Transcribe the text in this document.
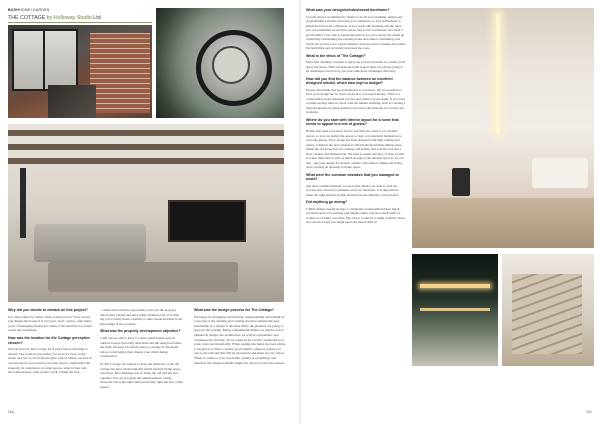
BUSHHOME+GARDEN
THE COTTAGE by Holloway Studio Ltd

Why did you decide to embark on this project?

I've often asked by clients 'what would you do?' 'how would you design this house if it was your own?', and so, after many years of designing houses for clients, I decided that we would create the townhouse.

How was the location for the Cottage perceptive chosen?

We had lived in The Cottage for 8 years before deciding to extend. The location was perfect for us as it's close to my studio and not too far from the girls' school. When you live in a house before you extend you really learn to understand the property, its orientation, its quiet spaces, what is busy and, most importantly, what doesn't work. I think the best...

...clients have had the opportunity to live in the property before they extend and have really understood it. It is then my job to really listen carefully to their needs and their lived knowledge of the property.

What was the property development objective?

I will always aim to have to create warm homes and an outdoor haven, but really directions and the design becomes the brief, because it is much easier to change in the studio before work begins than change your mind during construction.

At The Cottage we wanted to keep the character of the old cottage but have all the benefits which modern living space can bring. The challenge was to bring the old and the new together: how do you keep the quintessential cottage character but at the same time practically right the size of the house?

What was the design process for The Cottage?

We began by designing and drawing, understanding what might be to be true to the existing and creating the most remarkable and sustainable as a design is the most likely the planners are going to approve the scheme. Being a meaningful theme: we much room is planned in design, the architecture we will be sympathetic and contemporary and that can be achieved by careful consideration of scale, form and materiality. When starting the build, the best advice I can give is to find a careful, good builder, someone whom you can work with and that will be passionate and share in your vision. When it comes to your own home, quality is everything, and therefore the cheapest builder might not always be the best answer.

118

What was your design/refurbishment timeframe?

I would always recommend to clients to do all your planning, design and programming 6 month out before you commence, to stay in Brisbane to finish the full project. However, if you work with planning and the rules, you can sometimes be decisive and so that you're 'townhouse' and I had a good builder I was able to extend the brief as we were along. We ended up completely refurbishing the existing house and added a swimming pool which has proven to be a great addition; however, these changes did extend the build time and obviously increased the costs.

What is the ethos of 'The Cottage?'

Show that anything I wanted to enjoy the process and then as a result you'll enjoy the house. With our bespoke build project there are always going to be challenges, but its how you overcome these challenges that's key.

How did you find the balance between an excellent designed rebuild, which also kept to budget?

People often think that good design has to cost more, but it is possible to have good design but be clever about how you spend money. There is a compromise on the materials you use and where you use them. If you want to make savings then be clever with the hidden detailing, such as creating a bespoke kitchen by using standard carcasses with bespoke door fronts and worktops.

Where do you start with interior layout for a home that needs to appeal to a mix of guests?

Homes that need to be more and be, but they also need to be versatile places, so you can design the spaces so they can transform themselves to welcome guests. The Cottage has been designed with high ceilings and plenty of light in the new extension which links the kitchen/dining areas, whilst the old house has low ceilings and beams, and is more cosy and a more relaxed and intimate feel. We tried to ensure the flow of both worlds. It is also important to give as much storage to the internal space as we can and – use your design for modern outside with outdoor dining and living areas creating an amazing sociable space.

What were the common mistakes that you managed to avoid?

The most common mistake we see is that clients can want to rush the process, this can lead to mistakes and poor decisions. It is important to make the right amount of time and that has the ambition of the project.

Did anything go wrong?

I didn't design enough storage. I completely underestimated how much wardrobe space two teenage girls might require and how much stuff we acquire as a family over time. My advice would be to think carefully about how much storage you might need and then double it!

131
